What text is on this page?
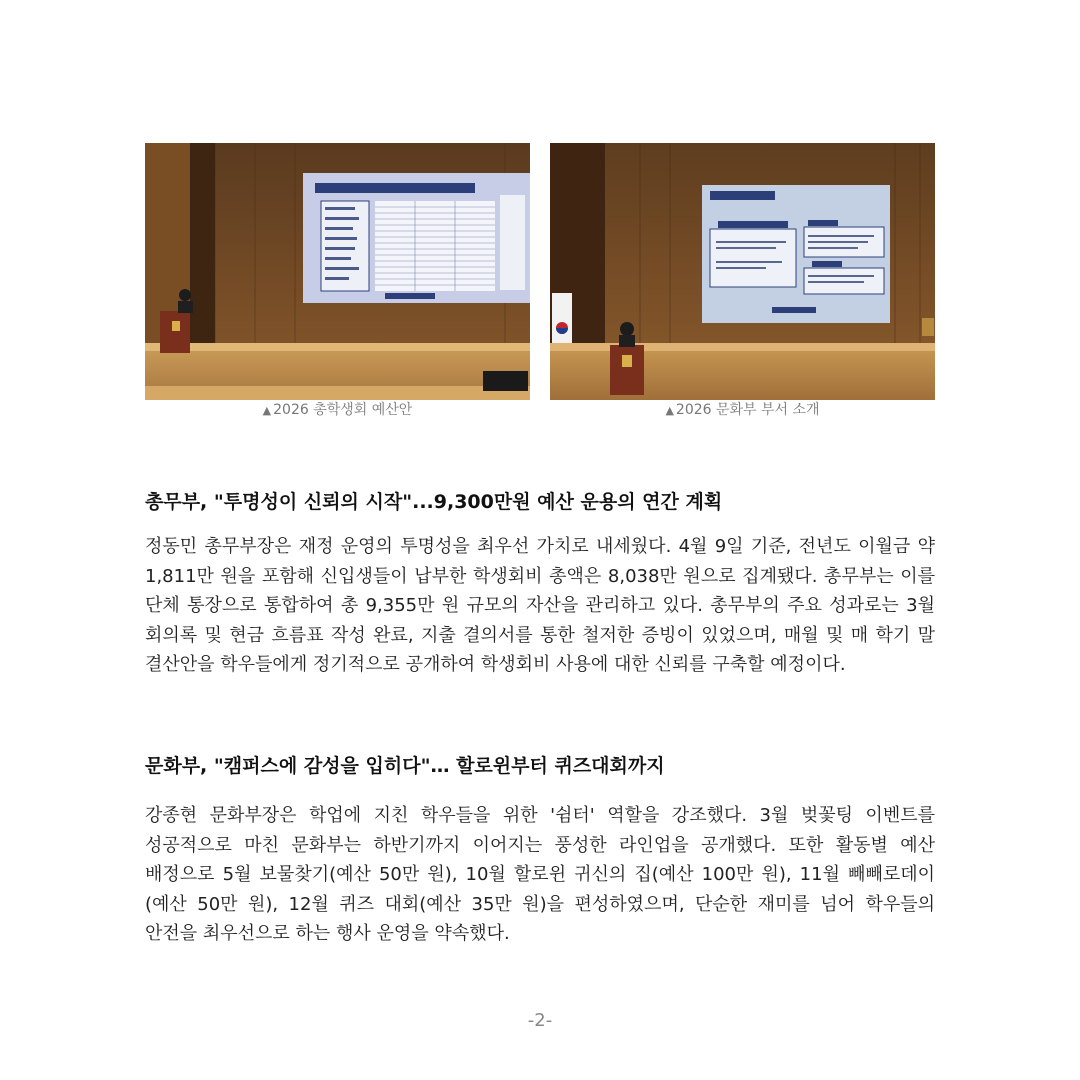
▲ 2026 총학생회 예산안	▲ 2026 문화부 부서 소개
총무부, "투명성이 신뢰의 시작"...9,300만원 예산 운용의 연간 계획
정동민 총무부장은 재정 운영의 투명성을 최우선 가치로 내세웠다. 4월 9일 기준, 전년도 이월금 약 1,811만 원을 포함해 신입생들이 납부한 학생회비 총액은 8,038만 원으로 집계됐다. 총무부는 이를 단체 통장으로 통합하여 총 9,355만 원 규모의 자산을 관리하고 있다. 총무부의 주요 성과로는 3월 회의록 및 현금 흐름표 작성 완료, 지출 결의서를 통한 철저한 증빙이 있었으며, 매월 및 매 학기 말 결산안을 학우들에게 정기적으로 공개하여 학생회비 사용에 대한 신뢰를 구축할 예정이다.
문화부, "캠퍼스에 감성을 입히다"… 할로윈부터 퀴즈대회까지
강종현 문화부장은 학업에 지친 학우들을 위한 '쉼터' 역할을 강조했다. 3월 벚꽃팅 이벤트를 성공적으로 마친 문화부는 하반기까지 이어지는 풍성한 라인업을 공개했다. 또한 활동별 예산 배정으로 5월 보물찾기(예산 50만 원), 10월 할로윈 귀신의 집(예산 100만 원), 11월 빼빼로데이(예산 50만 원), 12월 퀴즈 대회(예산 35만 원)을 편성하였으며, 단순한 재미를 넘어 학우들의 안전을 최우선으로 하는 행사 운영을 약속했다.
-2-
